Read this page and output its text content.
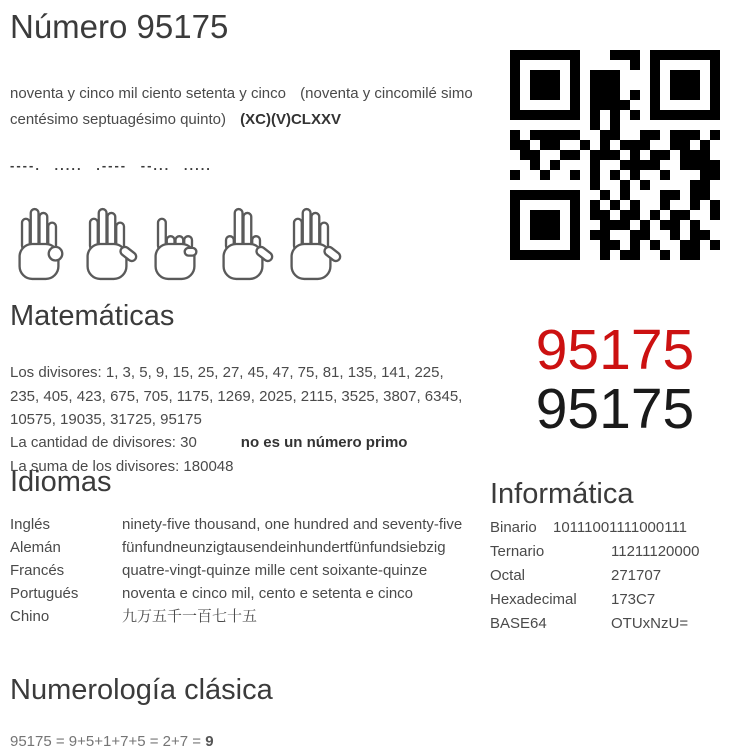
Número 95175

noventa y cinco mil ciento setenta y cinco (noventa y cincomilé simo centésimo septuagésimo quinto) (XC)(V)CLXXV

----. ..... .---- --... .....
Matemáticas

Los divisores: 1, 3, 5, 9, 15, 25, 27, 45, 47, 75, 81, 135, 141, 225, 235, 405, 423, 675, 705, 1175, 1269, 2025, 2115, 3525, 3807, 6345, 10575, 19035, 31725, 95175

La cantidad de divisores: 30	no es un número primo

La suma de los divisores: 180048

Idiomas
Inglés	ninety-five thousand, one hundred and seventy-five
Alemán	fünfundneunzigtausendeinhundertfünfundsiebzig
Francés	quatre-vingt-quinze mille cent soixante-quinze
Portugués	noventa e cinco mil, cento e setenta e cinco
Chino	九万五千一百七十五
Numerología clásica

95175 = 9+5+1+7+5 = 2+7 = 9

95175
95175
Informática
Binario 10111001111000111
Ternario	11211120000
Octal	271707
Hexadecimal 173C7
BASE64	OTUxNzU=
